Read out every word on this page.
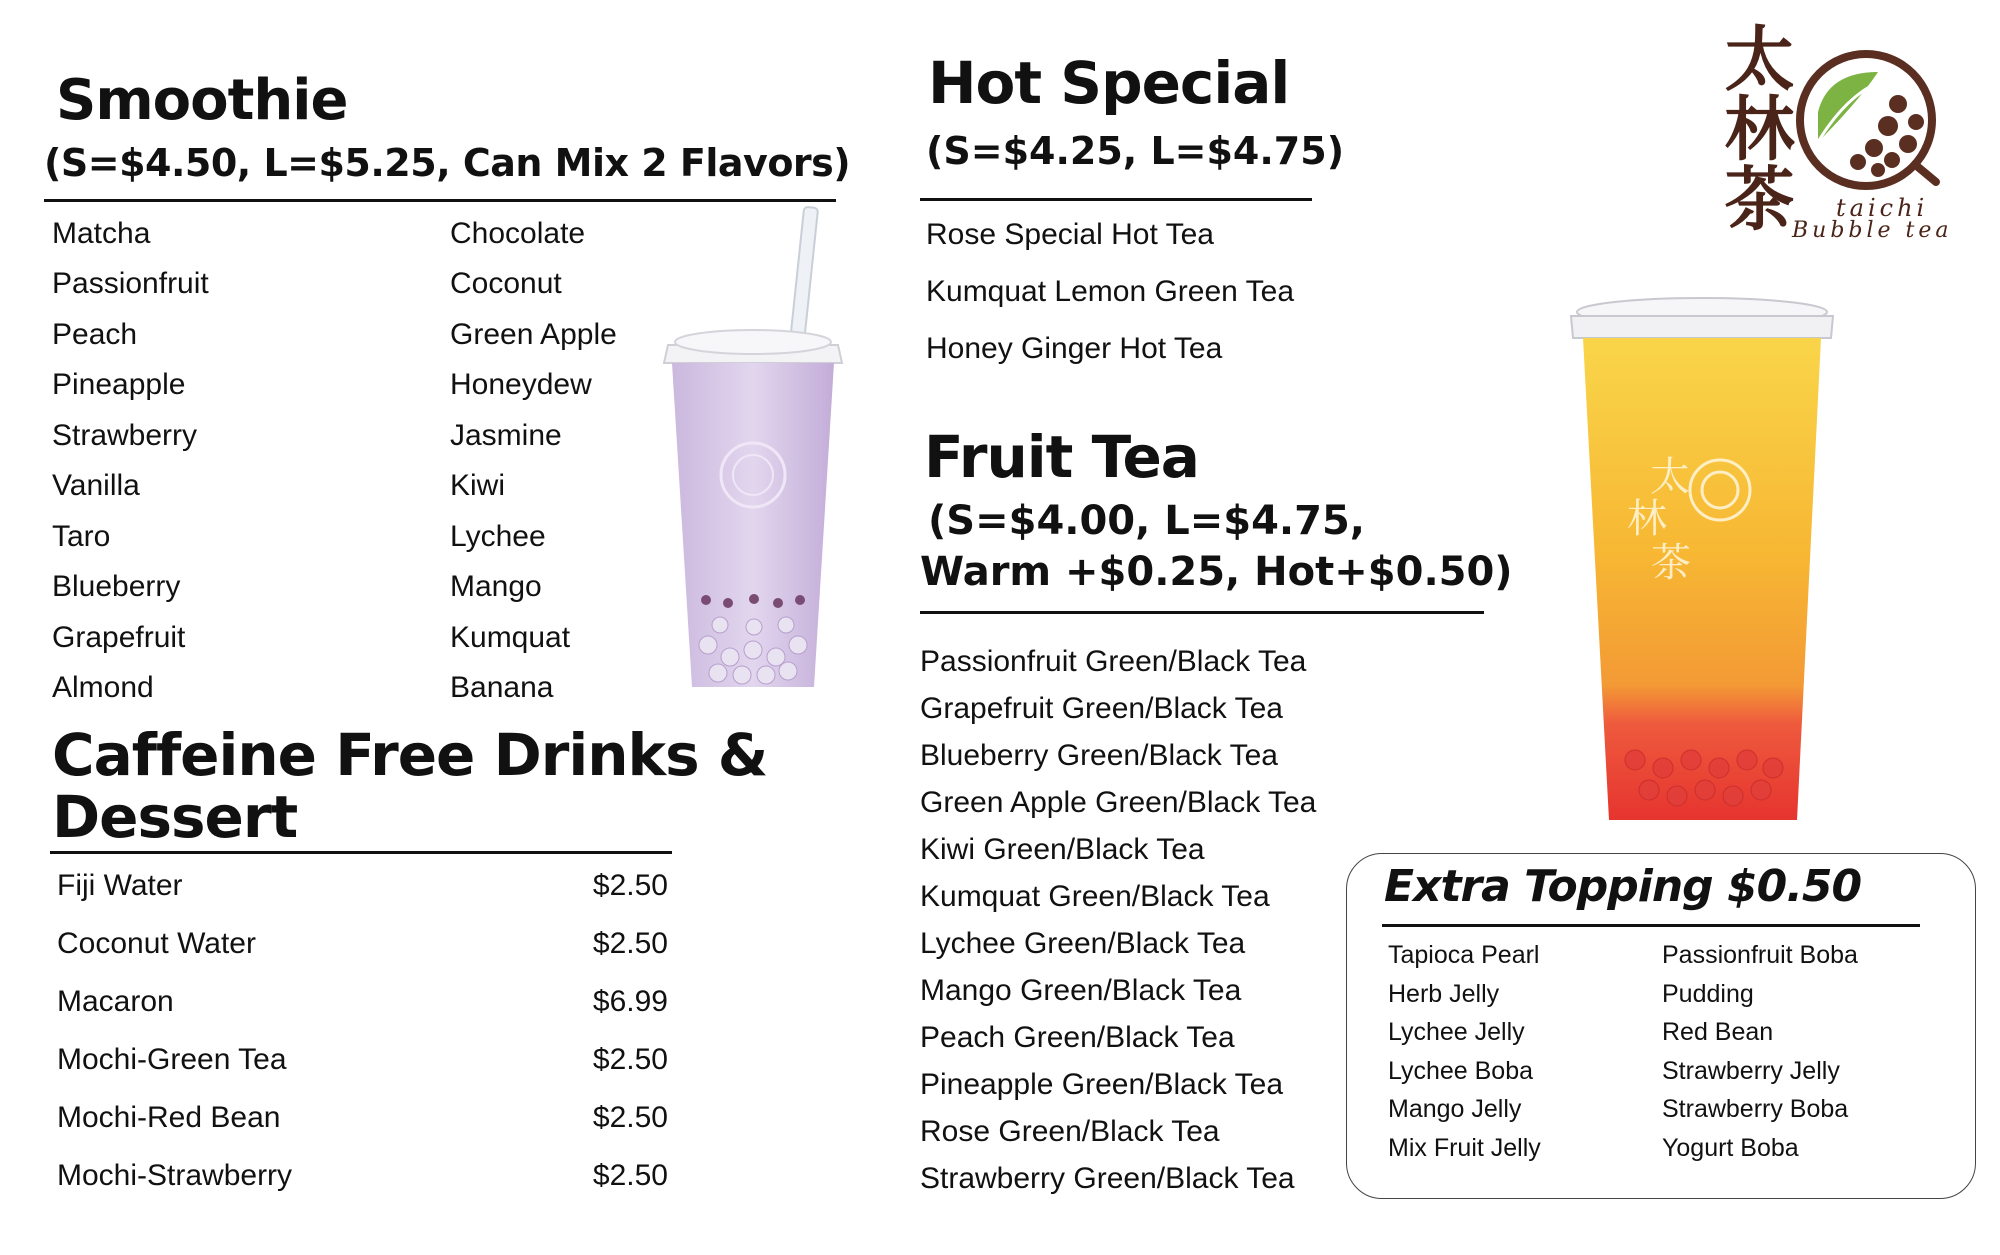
Smoothie
(S=$4.50, L=$5.25, Can Mix 2 Flavors)
Matcha
Passionfruit
Peach
Pineapple
Strawberry
Vanilla
Taro
Blueberry
Grapefruit
Almond
Chocolate
Coconut
Green Apple
Honeydew
Jasmine
Kiwi
Lychee
Mango
Kumquat
Banana
Caffeine Free Drinks &
Dessert
Fiji Water	$2.50
Coconut Water	$2.50
Macaron	$6.99
Mochi-Green Tea	$2.50
Mochi-Red Bean	$2.50
Mochi-Strawberry	$2.50
Hot Special
(S=$4.25, L=$4.75)
Rose Special Hot Tea
Kumquat Lemon Green Tea
Honey Ginger Hot Tea
Fruit Tea
(S=$4.00, L=$4.75,
Warm +$0.25, Hot+$0.50)
Passionfruit Green/Black Tea
Grapefruit Green/Black Tea
Blueberry Green/Black Tea
Green Apple Green/Black Tea
Kiwi Green/Black Tea
Kumquat Green/Black Tea
Lychee Green/Black Tea
Mango Green/Black Tea
Peach Green/Black Tea
Pineapple Green/Black Tea
Rose Green/Black Tea
Strawberry Green/Black Tea
太林茶 taichi
Bubble tea
太
林
茶
Extra Topping $0.50
Tapioca Pearl
Herb Jelly
Lychee Jelly
Lychee Boba
Mango Jelly
Mix Fruit Jelly
Passionfruit Boba
Pudding
Red Bean
Strawberry Jelly
Strawberry Boba
Yogurt Boba
